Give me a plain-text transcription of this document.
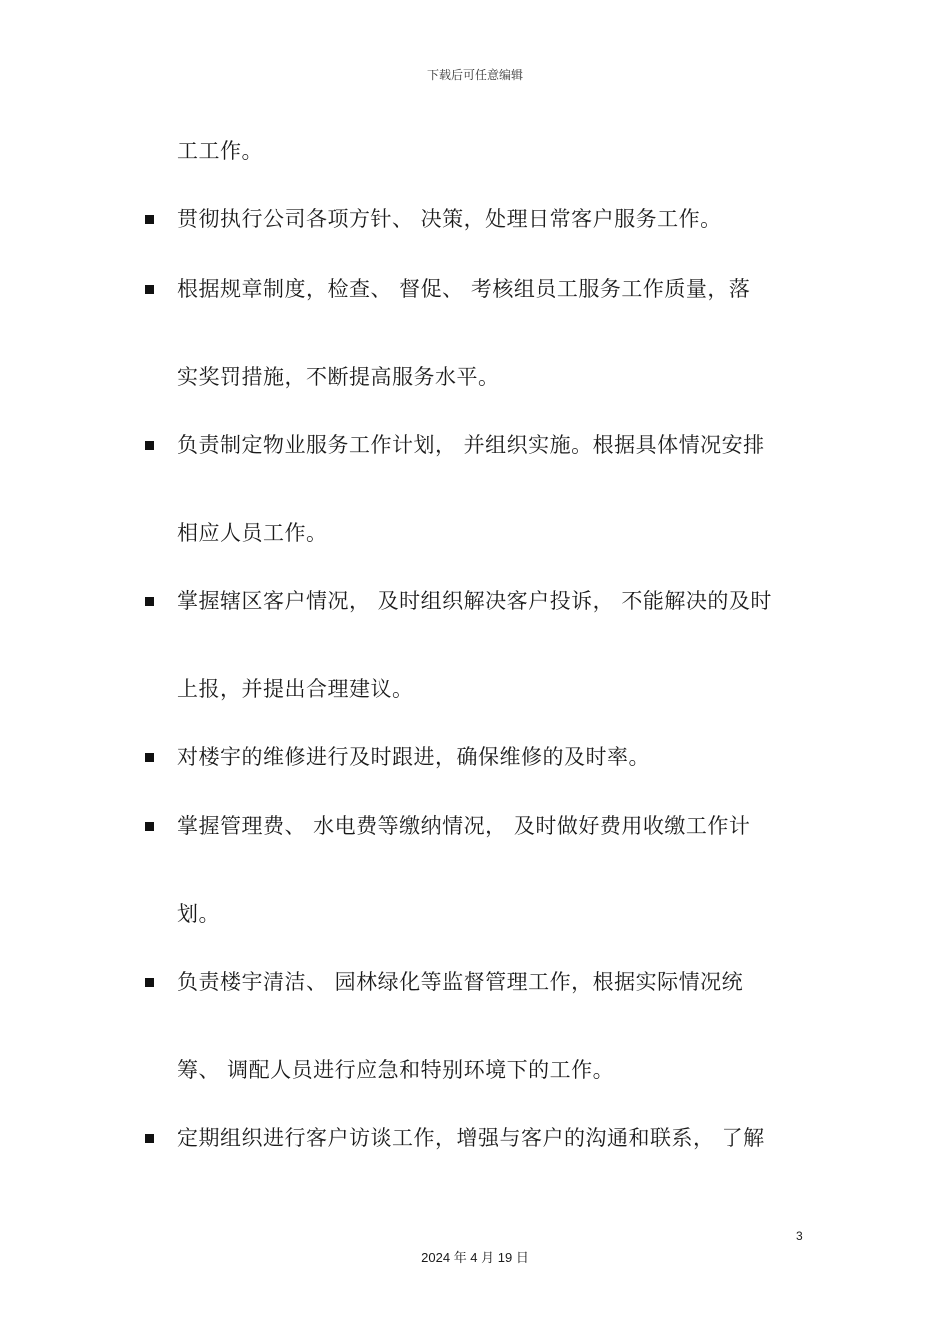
下载后可任意编辑
工工作。
贯彻执行公司各项方针、 决策，处理日常客户服务工作。
根据规章制度，检查、 督促、 考核组员工服务工作质量，落
实奖罚措施，不断提高服务水平。
负责制定物业服务工作计划， 并组织实施。根据具体情况安排
相应人员工作。
掌握辖区客户情况， 及时组织解决客户投诉， 不能解决的及时
上报，并提出合理建议。
对楼宇的维修进行及时跟进，确保维修的及时率。
掌握管理费、 水电费等缴纳情况， 及时做好费用收缴工作计
划。
负责楼宇清洁、 园林绿化等监督管理工作，根据实际情况统
筹、 调配人员进行应急和特别环境下的工作。
定期组织进行客户访谈工作，增强与客户的沟通和联系， 了解
3
2024 年 4 月 19 日
